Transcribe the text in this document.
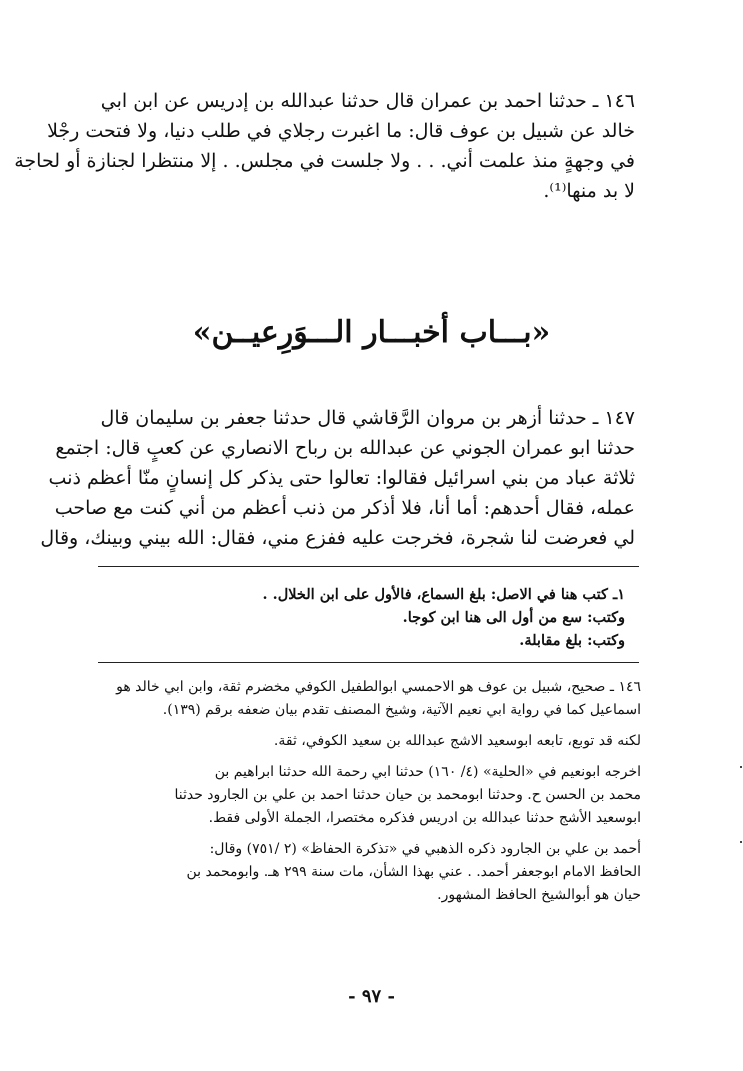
١٤٦ ـ حدثنا احمد بن عمران قال حدثنا عبدالله بن إدريس عن ابن ابي
خالد عن شبيل بن عوف قال: ما اغبرت رجلاي في طلب دنيا، ولا فتحت رجْلا
في وجهةٍ منذ علمت أني. . . ولا جلست في مجلس. . إلا منتظرا لجنازة أو لحاجة
لا بد منها⁽¹⁾.
«بـــاب أخبـــار الـــوَرِعيــن»
١٤٧ ـ حدثنا أزهر بن مروان الرَّقاشي قال حدثنا جعفر بن سليمان قال
حدثنا ابو عمران الجوني عن عبدالله بن رباح الانصاري عن كعبٍ قال: اجتمع
ثلاثة عباد من بني اسرائيل فقالوا: تعالوا حتى يذكر كل إنسانٍ منّا أعظم ذنب
عمله، فقال أحدهم: أما أنا، فلا أذكر من ذنب أعظم من أني كنت مع صاحب
لي فعرضت لنا شجرة، فخرجت عليه ففزع مني، فقال: الله بيني وبينك، وقال
١ـ كتب هنا في الاصل: بلغ السماع، فالأول على ابن الخلال. .
وكتب: سع من أول الى هنا ابن كوجا.
وكتب: بلغ مقابلة.
١٤٦ ـ صحيح، شبيل بن عوف هو الاحمسي ابوالطفيل الكوفي مخضرم ثقة، وابن ابي خالد هو
اسماعيل كما في رواية ابي نعيم الآتية، وشيخ المصنف تقدم بيان ضعفه برقم (١٣٩).
لكنه قد توبع، تابعه ابوسعيد الاشج عبدالله بن سعيد الكوفي، ثقة.
اخرجه ابونعيم في «الحلية» (٤/ ١٦٠) حدثنا ابي رحمة الله حدثنا ابراهيم بن
محمد بن الحسن ح. وحدثنا ابومحمد بن حيان حدثنا احمد بن علي بن الجارود حدثنا
ابوسعيد الأشج حدثنا عبدالله بن ادريس فذكره مختصرا، الجملة الأولى فقط.
أحمد بن علي بن الجارود ذكره الذهبي في «تذكرة الحفاظ» (٢ /٧٥١) وقال:
الحافظ الامام ابوجعفر أحمد. . عني بهذا الشأن، مات سنة ٢٩٩ هـ. وابومحمد بن
حيان هو أبوالشيخ الحافظ المشهور.
- ٩٧ -
